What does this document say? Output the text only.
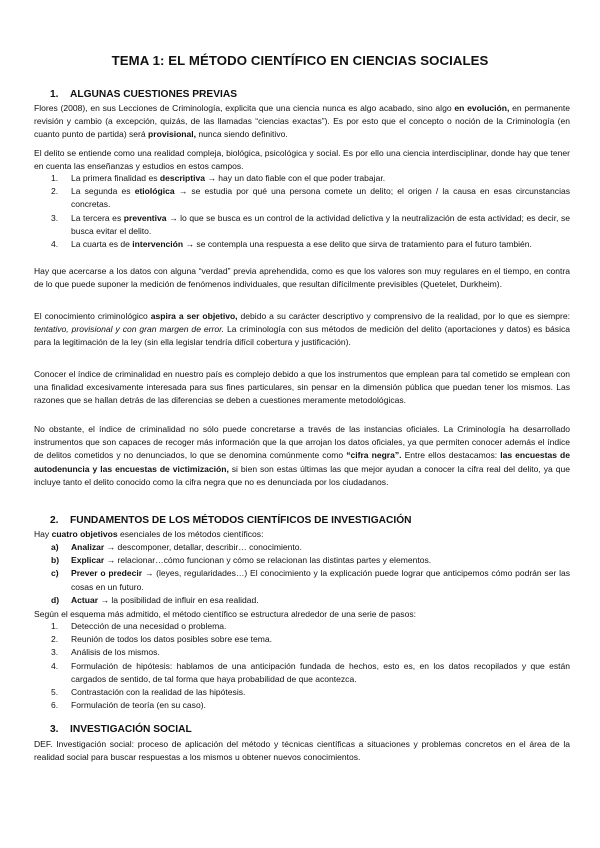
TEMA 1: EL MÉTODO CIENTÍFICO EN CIENCIAS SOCIALES
1. ALGUNAS CUESTIONES PREVIAS

Flores (2008), en sus Lecciones de Criminología, explicita que una ciencia nunca es algo acabado, sino algo en evolución, en permanente revisión y cambio (a excepción, quizás, de las llamadas “ciencias exactas”). Es por esto que el concepto o noción de la Criminología (en cuanto punto de partida) será provisional, nunca siendo definitivo.

El delito se entiende como una realidad compleja, biológica, psicológica y social. Es por ello una ciencia interdisciplinar, donde hay que tener en cuenta las enseñanzas y estudios en estos campos.

1. La primera finalidad es descriptiva → hay un dato fiable con el que poder trabajar.
2. La segunda es etiológica → se estudia por qué una persona comete un delito; el origen / la causa en esas circunstancias concretas.
3. La tercera es preventiva → lo que se busca es un control de la actividad delictiva y la neutralización de esta actividad; es decir, se busca evitar el delito.
4. La cuarta es de intervención → se contempla una respuesta a ese delito que sirva de tratamiento para el futuro también.

Hay que acercarse a los datos con alguna “verdad” previa aprehendida, como es que los valores son muy regulares en el tiempo, en contra de lo que puede suponer la medición de fenómenos individuales, que resultan difícilmente previsibles (Quetelet, Durkheim).

El conocimiento criminológico aspira a ser objetivo, debido a su carácter descriptivo y comprensivo de la realidad, por lo que es siempre: tentativo, provisional y con gran margen de error. La criminología con sus métodos de medición del delito (aportaciones y datos) es básica para la legitimación de la ley (sin ella legislar tendría difícil cobertura y justificación).

Conocer el índice de criminalidad en nuestro país es complejo debido a que los instrumentos que emplean para tal cometido se emplean con una finalidad excesivamente interesada para sus fines particulares, sin pensar en la dimensión pública que puedan tener los mismos. Las razones que se hallan detrás de las diferencias se deben a cuestiones meramente metodológicas.

No obstante, el índice de criminalidad no sólo puede concretarse a través de las instancias oficiales. La Criminología ha desarrollado instrumentos que son capaces de recoger más información que la que arrojan los datos oficiales, ya que permiten conocer además el índice de delitos cometidos y no denunciados, lo que se denomina comúnmente como “cifra negra”. Entre ellos destacamos: las encuestas de autodenuncia y las encuestas de victimización, si bien son estas últimas las que mejor ayudan a conocer la cifra real del delito, ya que incluye tanto el delito conocido como la cifra negra que no es denunciada por los ciudadanos.

2. FUNDAMENTOS DE LOS MÉTODOS CIENTÍFICOS DE INVESTIGACIÓN

Hay cuatro objetivos esenciales de los métodos científicos:

a) Analizar → descomponer, detallar, describir… conocimiento.
b) Explicar → relacionar…cómo funcionan y cómo se relacionan las distintas partes y elementos.
c) Prever o predecir → (leyes, regularidades…) El conocimiento y la explicación puede lograr que anticipemos cómo podrán ser las cosas en un futuro.
d) Actuar → la posibilidad de influir en esa realidad.

Según el esquema más admitido, el método científico se estructura alrededor de una serie de pasos:

1. Detección de una necesidad o problema.
2. Reunión de todos los datos posibles sobre ese tema.
3. Análisis de los mismos.
4. Formulación de hipótesis: hablamos de una anticipación fundada de hechos, esto es, en los datos recopilados y que están cargados de sentido, de tal forma que haya probabilidad de que acontezca.
5. Contrastación con la realidad de las hipótesis.
6. Formulación de teoría (en su caso).
3. INVESTIGACIÓN SOCIAL

DEF. Investigación social: proceso de aplicación del método y técnicas científicas a situaciones y problemas concretos en el área de la realidad social para buscar respuestas a los mismos u obtener nuevos conocimientos.
